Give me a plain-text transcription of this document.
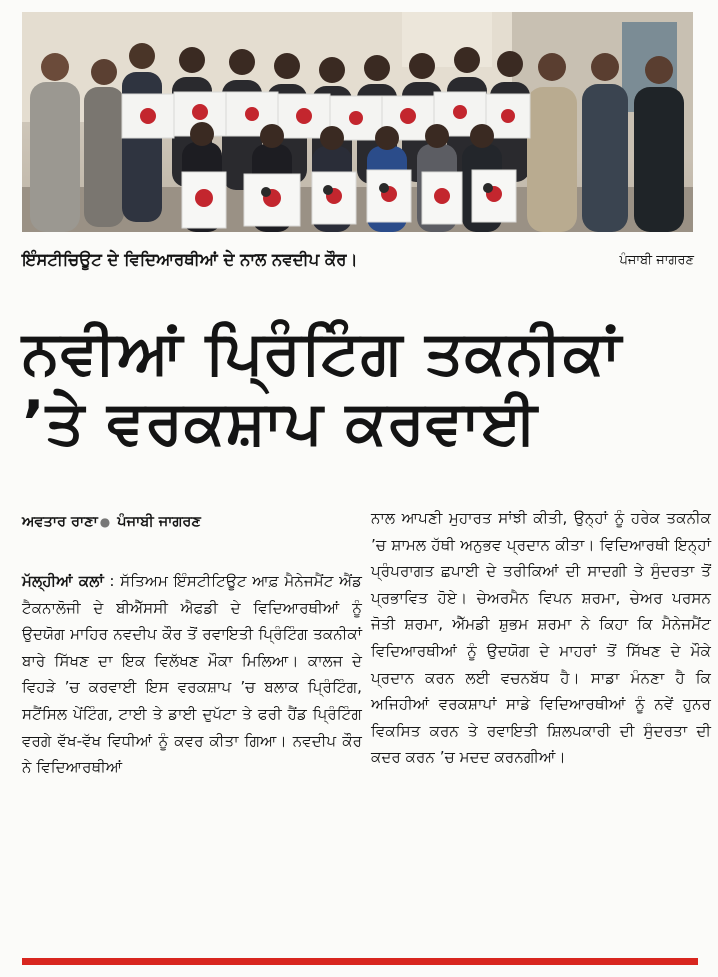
ਇੰਸਟੀਚਿਊਟ ਦੇ ਵਿਦਿਆਰਥੀਆਂ ਦੇ ਨਾਲ ਨਵਦੀਪ ਕੌਰ।	ਪੰਜਾਬੀ ਜਾਗਰਣ
ਨਵੀਆਂ ਪ੍ਰਿੰਟਿੰਗ ਤਕਨੀਕਾਂ
’ਤੇ ਵਰਕਸ਼ਾਪ ਕਰਵਾਈ
ਅਵਤਾਰ ਰਾਣਾ ● ਪੰਜਾਬੀ ਜਾਗਰਣ

ਮੱਲ੍ਹੀਆਂ ਕਲਾਂ : ਸੱਤਿਅਮ ਇੰਸਟੀਟਿਊਟ ਆਫ਼ ਮੈਨੇਜਮੈਂਟ ਐਂਡ ਟੈਕਨਾਲੋਜੀ ਦੇ ਬੀਐੱਸਸੀ ਐਫਡੀ ਦੇ ਵਿਦਿਆਰਥੀਆਂ ਨੂੰ ਉਦਯੋਗ ਮਾਹਿਰ ਨਵਦੀਪ ਕੌਰ ਤੋਂ ਰਵਾਇਤੀ ਪ੍ਰਿੰਟਿੰਗ ਤਕਨੀਕਾਂ ਬਾਰੇ ਸਿੱਖਣ ਦਾ ਇਕ ਵਿਲੱਖਣ ਮੌਕਾ ਮਿਲਿਆ। ਕਾਲਜ ਦੇ ਵਿਹੜੇ ’ਚ ਕਰਵਾਈ ਇਸ ਵਰਕਸ਼ਾਪ ’ਚ ਬਲਾਕ ਪ੍ਰਿੰਟਿੰਗ, ਸਟੈਂਸਿਲ ਪੇਂਟਿੰਗ, ਟਾਈ ਤੇ ਡਾਈ ਦੁਪੱਟਾ ਤੇ ਫਰੀ ਹੈਂਡ ਪ੍ਰਿੰਟਿੰਗ ਵਰਗੇ ਵੱਖ-ਵੱਖ ਵਿਧੀਆਂ ਨੂੰ ਕਵਰ ਕੀਤਾ ਗਿਆ। ਨਵਦੀਪ ਕੌਰ ਨੇ ਵਿਦਿਆਰਥੀਆਂ

ਨਾਲ ਆਪਣੀ ਮੁਹਾਰਤ ਸਾਂਝੀ ਕੀਤੀ, ਉਨ੍ਹਾਂ ਨੂੰ ਹਰੇਕ ਤਕਨੀਕ ’ਚ ਸ਼ਾਮਲ ਹੱਥੀ ਅਨੁਭਵ ਪ੍ਰਦਾਨ ਕੀਤਾ। ਵਿਦਿਆਰਥੀ ਇਨ੍ਹਾਂ ਪ੍ਰੰਪਰਾਗਤ ਛਪਾਈ ਦੇ ਤਰੀਕਿਆਂ ਦੀ ਸਾਦਗੀ ਤੇ ਸੁੰਦਰਤਾ ਤੋਂ ਪ੍ਰਭਾਵਿਤ ਹੋਏ। ਚੇਅਰਮੈਨ ਵਿਪਨ ਸ਼ਰਮਾ, ਚੇਅਰ ਪਰਸਨ ਜੋਤੀ ਸ਼ਰਮਾ, ਐੱਮਡੀ ਸ਼ੁਭਮ ਸ਼ਰਮਾ ਨੇ ਕਿਹਾ ਕਿ ਮੈਨੇਜਮੈਂਟ ਵਿਦਿਆਰਥੀਆਂ ਨੂੰ ਉਦਯੋਗ ਦੇ ਮਾਹਰਾਂ ਤੋਂ ਸਿੱਖਣ ਦੇ ਮੌਕੇ ਪ੍ਰਦਾਨ ਕਰਨ ਲਈ ਵਚਨਬੱਧ ਹੈ। ਸਾਡਾ ਮੰਨਣਾ ਹੈ ਕਿ ਅਜਿਹੀਆਂ ਵਰਕਸ਼ਾਪਾਂ ਸਾਡੇ ਵਿਦਿਆਰਥੀਆਂ ਨੂੰ ਨਵੇਂ ਹੁਨਰ ਵਿਕਸਿਤ ਕਰਨ ਤੇ ਰਵਾਇਤੀ ਸ਼ਿਲਪਕਾਰੀ ਦੀ ਸੁੰਦਰਤਾ ਦੀ ਕਦਰ ਕਰਨ ’ਚ ਮਦਦ ਕਰਨਗੀਆਂ।
